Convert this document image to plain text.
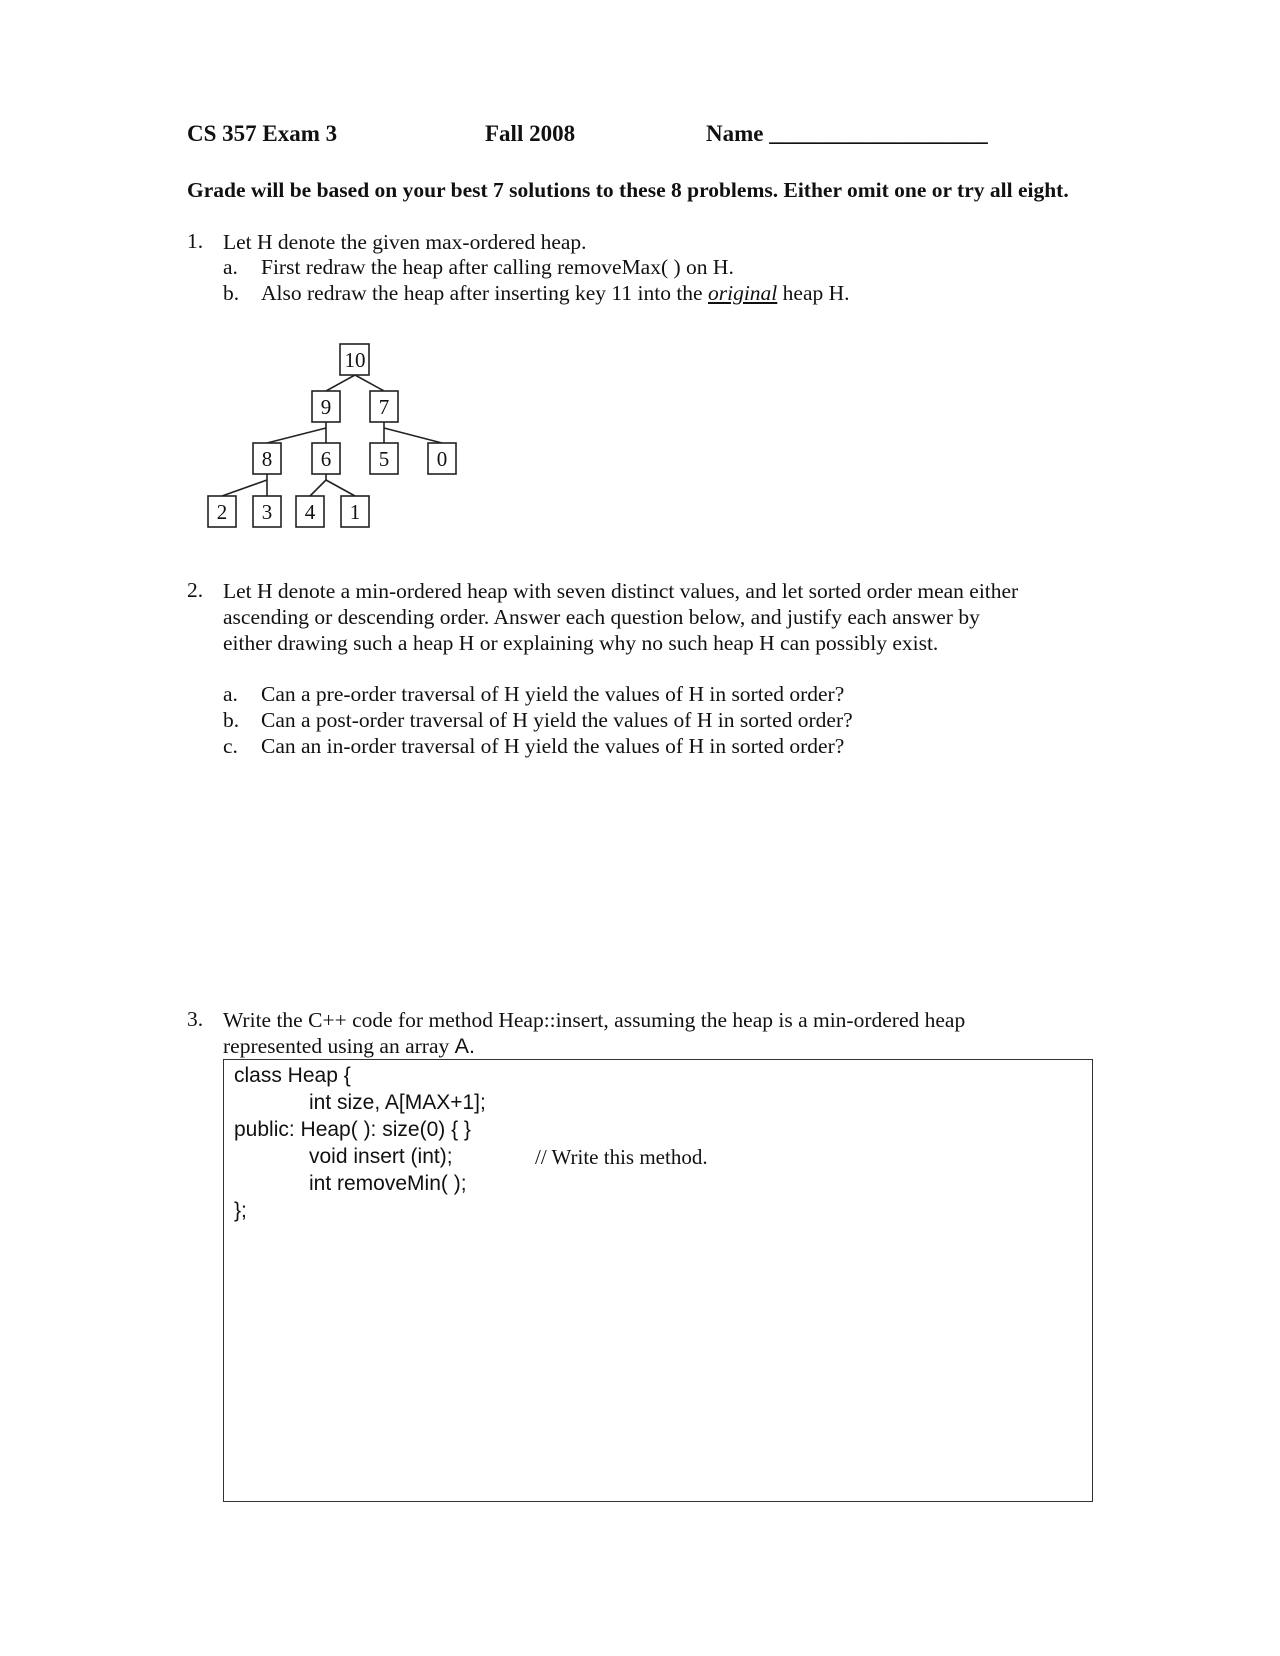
CS 357 Exam 3	Fall 2008	Name ___________________
Grade will be based on your best 7 solutions to these 8 problems. Either omit one or try all eight.
1. Let H denote the given max-ordered heap.
a. First redraw the heap after calling removeMax( ) on H.
b. Also redraw the heap after inserting key 11 into the original heap H.
10
9 7
8 6 5 0
2 3 4 1
2. Let H denote a min-ordered heap with seven distinct values, and let sorted order mean either
ascending or descending order. Answer each question below, and justify each answer by
either drawing such a heap H or explaining why no such heap H can possibly exist.
a. Can a pre-order traversal of H yield the values of H in sorted order?
b. Can a post-order traversal of H yield the values of H in sorted order?
c. Can an in-order traversal of H yield the values of H in sorted order?
3. Write the C++ code for method Heap::insert, assuming the heap is a min-ordered heap
represented using an array A.
class Heap {
int size, A[MAX+1];
public: Heap( ): size(0) { }
void insert (int);	// Write this method.
int removeMin( );
};
